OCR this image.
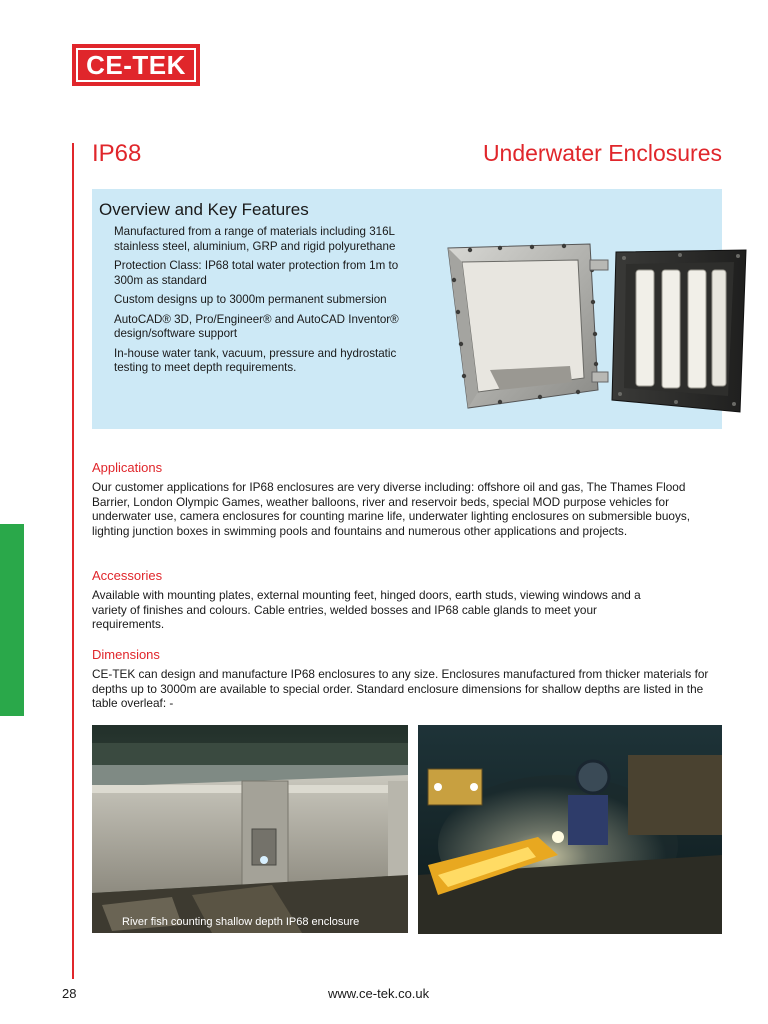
CE-TEK
IP68	Underwater Enclosures
Overview and Key Features
Manufactured from a range of materials including 316L stainless steel, aluminium, GRP and rigid polyurethane
Protection Class: IP68 total water protection from 1m to 300m as standard
Custom designs up to 3000m permanent submersion
AutoCAD® 3D, Pro/Engineer® and AutoCAD Inventor® design/software support
In-house water tank, vacuum, pressure and hydrostatic testing to meet depth requirements.
Applications

Our customer applications for IP68 enclosures are very diverse including: offshore oil and gas, The Thames Flood Barrier, London Olympic Games, weather balloons, river and reservoir beds, special MOD purpose vehicles for underwater use, camera enclosures for counting marine life, underwater lighting enclosures on submersible buoys, lighting junction boxes in swimming pools and fountains and numerous other applications and projects.

Accessories

Available with mounting plates, external mounting feet, hinged doors, earth studs, viewing windows and a variety of finishes and colours. Cable entries, welded bosses and IP68 cable glands to meet your requirements.

Dimensions

CE-TEK can design and manufacture IP68 enclosures to any size. Enclosures manufactured from thicker materials for depths up to 3000m are available to special order. Standard enclosure dimensions for shallow depths are listed in the table overleaf: -

River fish counting shallow depth IP68 enclosure
28	www.ce-tek.co.uk
